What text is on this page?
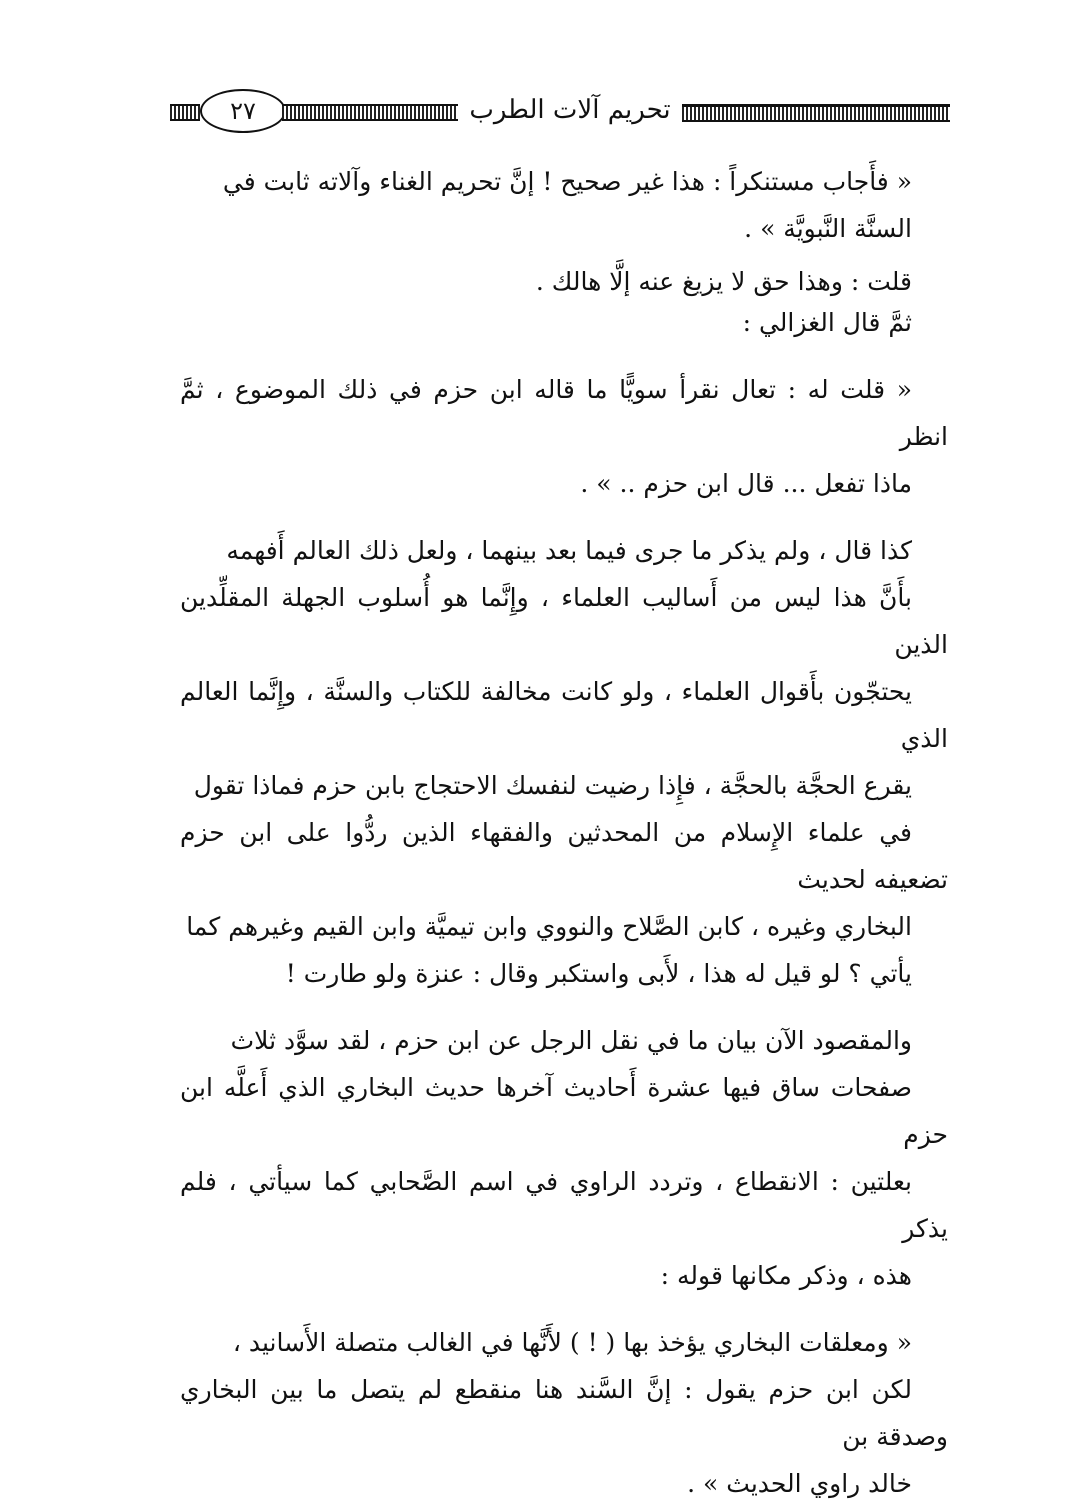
٢٧	تحريم آلات الطرب

« فأَجاب مستنكراً : هذا غير صحيح ! إنَّ تحريم الغناء وآلاته ثابت في
السنَّة النَّبويَّة » .

قلت : وهذا حق لا يزيغ عنه إلَّا هالك .

ثمَّ قال الغزالي :

« قلت له : تعال نقرأ سويًّا ما قاله ابن حزم في ذلك الموضوع ، ثمَّ انظر
ماذا تفعل ... قال ابن حزم .. » .

كذا قال ، ولم يذكر ما جرى فيما بعد بينهما ، ولعل ذلك العالم أَفهمه
بأَنَّ هذا ليس من أَساليب العلماء ، وإِنَّما هو أُسلوب الجهلة المقلِّدين الذين
يحتجّون بأَقوال العلماء ، ولو كانت مخالفة للكتاب والسنَّة ، وإِنَّما العالم الذي
يقرع الحجَّة بالحجَّة ، فإِذا رضيت لنفسك الاحتجاج بابن حزم فماذا تقول
في علماء الإِسلام من المحدثين والفقهاء الذين ردُّوا على ابن حزم تضعيفه لحديث
البخاري وغيره ، كابن الصَّلاح والنووي وابن تيميَّة وابن القيم وغيرهم كما
يأتي ؟ لو قيل له هذا ، لأَبى واستكبر وقال : عنزة ولو طارت !

والمقصود الآن بيان ما في نقل الرجل عن ابن حزم ، لقد سوَّد ثلاث
صفحات ساق فيها عشرة أَحاديث آخرها حديث البخاري الذي أَعلَّه ابن حزم
بعلتين : الانقطاع ، وتردد الراوي في اسم الصَّحابي كما سيأتي ، فلم يذكر
هذه ، وذكر مكانها قوله :

« ومعلقات البخاري يؤخذ بها ( ! ) لأَنَّها في الغالب متصلة الأَسانيد ،
لكن ابن حزم يقول : إنَّ السَّند هنا منقطع لم يتصل ما بين البخاري وصدقة بن
خالد راوي الحديث » .
